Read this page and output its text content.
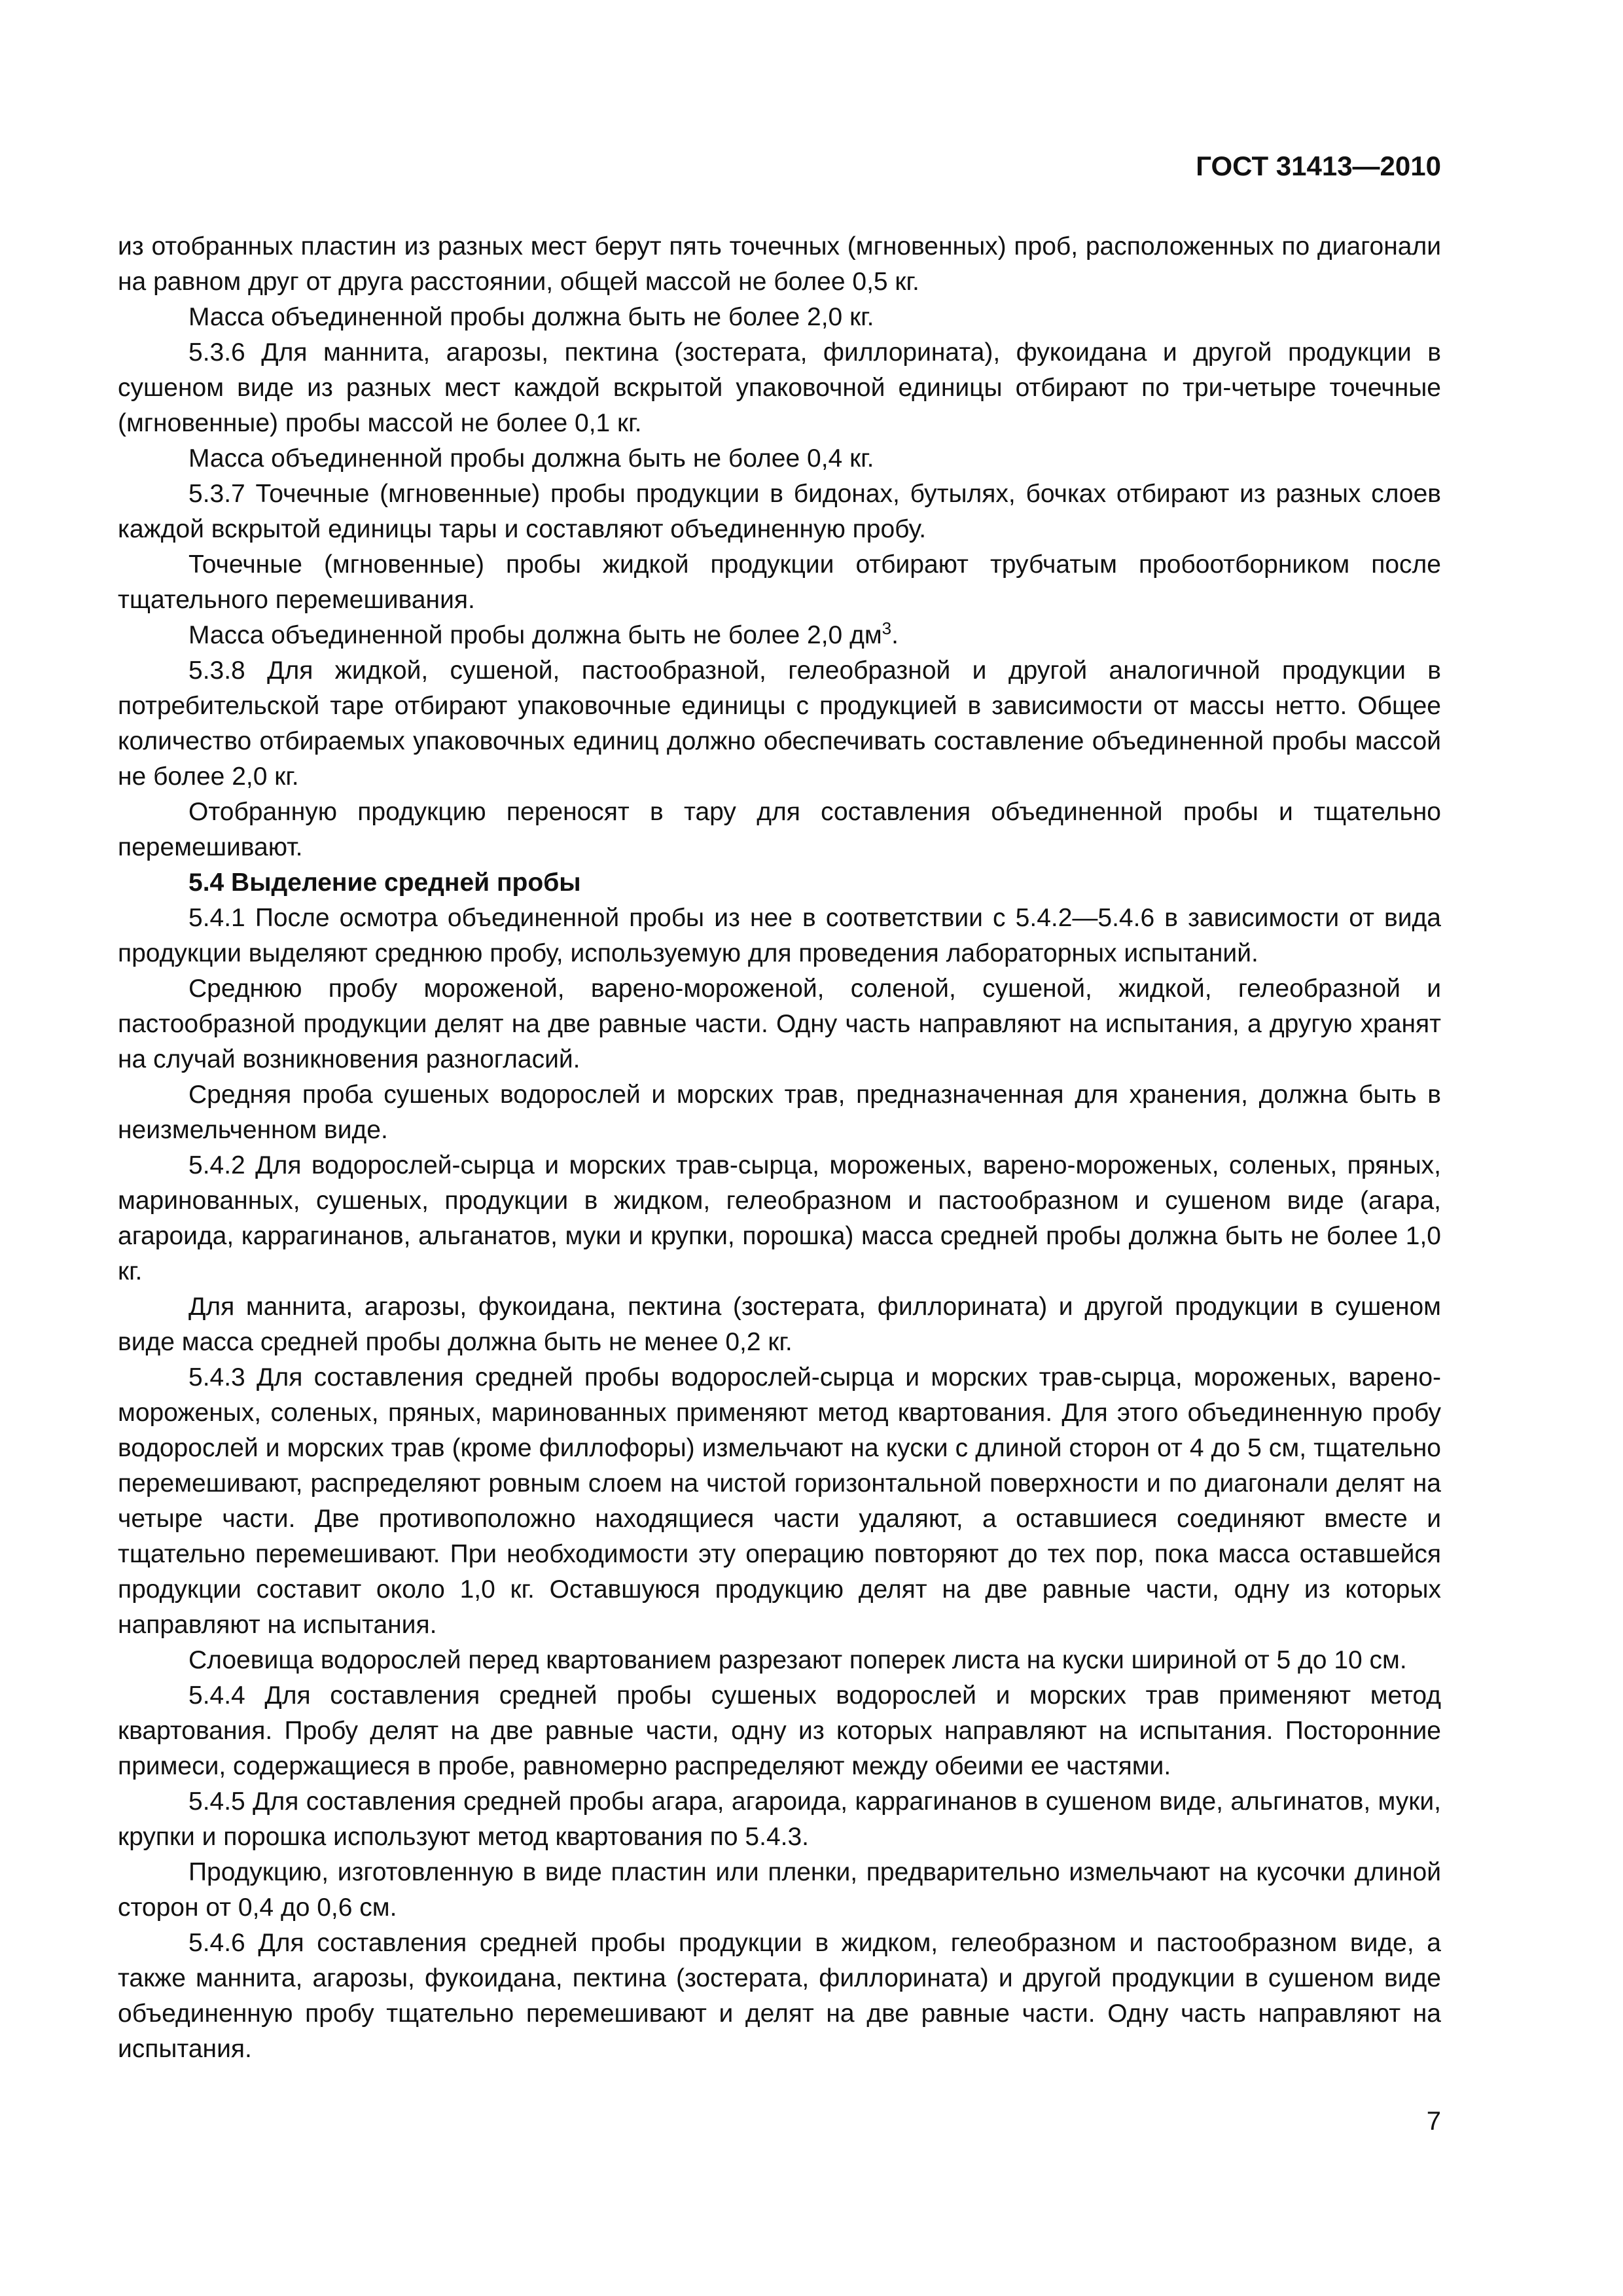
ГОСТ 31413—2010

из отобранных пластин из разных мест берут пять точечных (мгновенных) проб, расположенных по диагонали на равном друг от друга расстоянии, общей массой не более 0,5 кг.

Масса объединенной пробы должна быть не более 2,0 кг.

5.3.6 Для маннита, агарозы, пектина (зостерата, филлорината), фукоидана и другой продукции в сушеном виде из разных мест каждой вскрытой упаковочной единицы отбирают по три-четыре точечные (мгновенные) пробы массой не более 0,1 кг.

Масса объединенной пробы должна быть не более 0,4 кг.

5.3.7 Точечные (мгновенные) пробы продукции в бидонах, бутылях, бочках отбирают из разных слоев каждой вскрытой единицы тары и составляют объединенную пробу.

Точечные (мгновенные) пробы жидкой продукции отбирают трубчатым пробоотборником после тщательного перемешивания.

Масса объединенной пробы должна быть не более 2,0 $дм^3$.

5.3.8 Для жидкой, сушеной, пастообразной, гелеобразной и другой аналогичной продукции в потребительской таре отбирают упаковочные единицы с продукцией в зависимости от массы нетто. Общее количество отбираемых упаковочных единиц должно обеспечивать составление объединенной пробы массой не более 2,0 кг.

Отобранную продукцию переносят в тару для составления объединенной пробы и тщательно перемешивают.

5.4 Выделение средней пробы

5.4.1 После осмотра объединенной пробы из нее в соответствии с 5.4.2—5.4.6 в зависимости от вида продукции выделяют среднюю пробу, используемую для проведения лабораторных испытаний.

Среднюю пробу мороженой, варено-мороженой, соленой, сушеной, жидкой, гелеобразной и пастообразной продукции делят на две равные части. Одну часть направляют на испытания, а другую хранят на случай возникновения разногласий.

Средняя проба сушеных водорослей и морских трав, предназначенная для хранения, должна быть в неизмельченном виде.

5.4.2 Для водорослей-сырца и морских трав-сырца, мороженых, варено-мороженых, соленых, пряных, маринованных, сушеных, продукции в жидком, гелеобразном и пастообразном и сушеном виде (агара, агароида, каррагинанов, альганатов, муки и крупки, порошка) масса средней пробы должна быть не более 1,0 кг.

Для маннита, агарозы, фукоидана, пектина (зостерата, филлорината) и другой продукции в сушеном виде масса средней пробы должна быть не менее 0,2 кг.

5.4.3 Для составления средней пробы водорослей-сырца и морских трав-сырца, мороженых, варено-мороженых, соленых, пряных, маринованных применяют метод квартования. Для этого объединенную пробу водорослей и морских трав (кроме филлофоры) измельчают на куски с длиной сторон от 4 до 5 см, тщательно перемешивают, распределяют ровным слоем на чистой горизонтальной поверхности и по диагонали делят на четыре части. Две противоположно находящиеся части удаляют, а оставшиеся соединяют вместе и тщательно перемешивают. При необходимости эту операцию повторяют до тех пор, пока масса оставшейся продукции составит около 1,0 кг. Оставшуюся продукцию делят на две равные части, одну из которых направляют на испытания.

Слоевища водорослей перед квартованием разрезают поперек листа на куски шириной от 5 до 10 см.

5.4.4 Для составления средней пробы сушеных водорослей и морских трав применяют метод квартования. Пробу делят на две равные части, одну из которых направляют на испытания. Посторонние примеси, содержащиеся в пробе, равномерно распределяют между обеими ее частями.

5.4.5 Для составления средней пробы агара, агароида, каррагинанов в сушеном виде, альгинатов, муки, крупки и порошка используют метод квартования по 5.4.3.

Продукцию, изготовленную в виде пластин или пленки, предварительно измельчают на кусочки длиной сторон от 0,4 до 0,6 см.

5.4.6 Для составления средней пробы продукции в жидком, гелеобразном и пастообразном виде, а также маннита, агарозы, фукоидана, пектина (зостерата, филлорината) и другой продукции в сушеном виде объединенную пробу тщательно перемешивают и делят на две равные части. Одну часть направляют на испытания.

7
